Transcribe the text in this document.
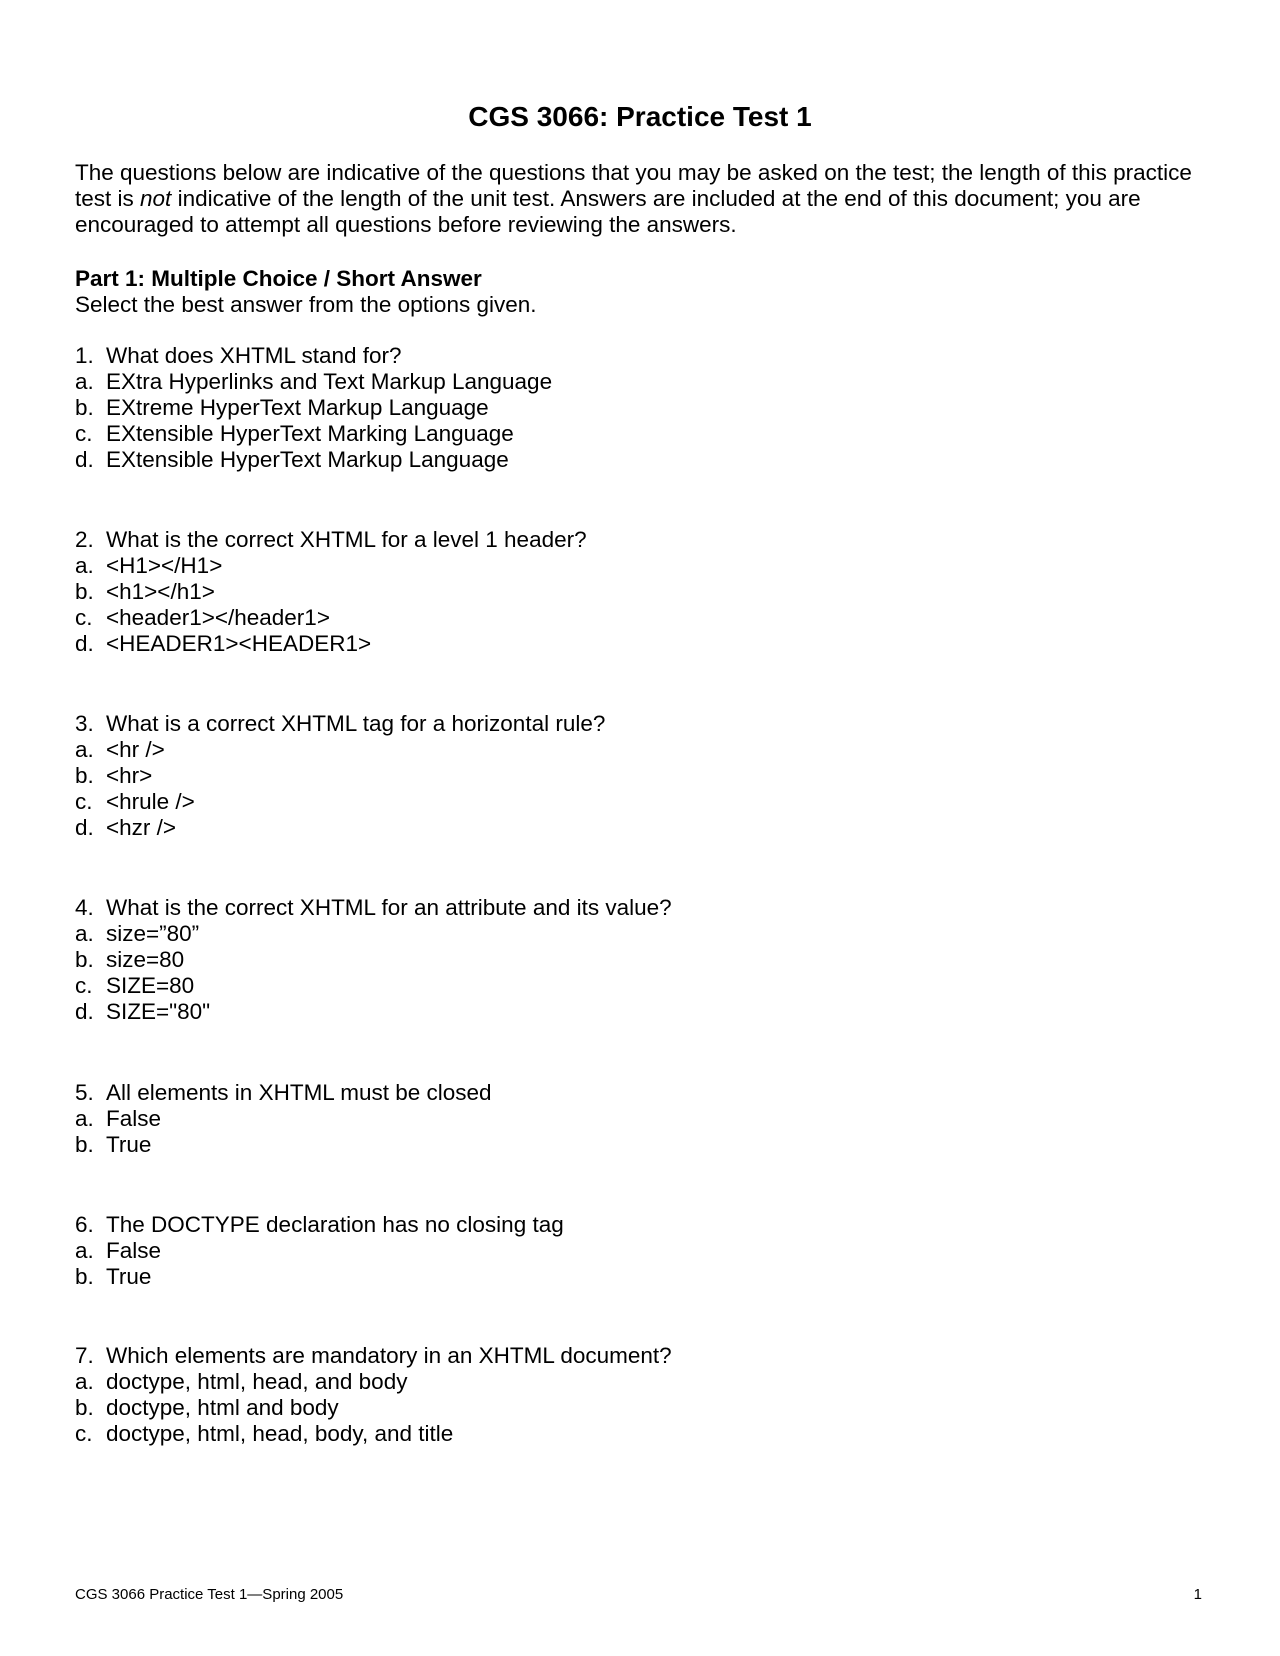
CGS 3066: Practice Test 1
The questions below are indicative of the questions that you may be asked on the test; the length of this practice test is not indicative of the length of the unit test. Answers are included at the end of this document; you are encouraged to attempt all questions before reviewing the answers.
Part 1: Multiple Choice / Short Answer
Select the best answer from the options given.
1. What does XHTML stand for?
a. EXtra Hyperlinks and Text Markup Language
b. EXtreme HyperText Markup Language
c. EXtensible HyperText Marking Language
d. EXtensible HyperText Markup Language
2. What is the correct XHTML for a level 1 header?
a. <H1></H1>
b. <h1></h1>
c. <header1></header1>
d. <HEADER1><HEADER1>
3. What is a correct XHTML tag for a horizontal rule?
a. <hr />
b. <hr>
c. <hrule />
d. <hzr />
4. What is the correct XHTML for an attribute and its value?
a. size=”80”
b. size=80
c. SIZE=80
d. SIZE="80"
5. All elements in XHTML must be closed
a. False
b. True
6. The DOCTYPE declaration has no closing tag
a. False
b. True
7. Which elements are mandatory in an XHTML document?
a. doctype, html, head, and body
b. doctype, html and body
c. doctype, html, head, body, and title
CGS 3066 Practice Test 1—Spring 2005	1
